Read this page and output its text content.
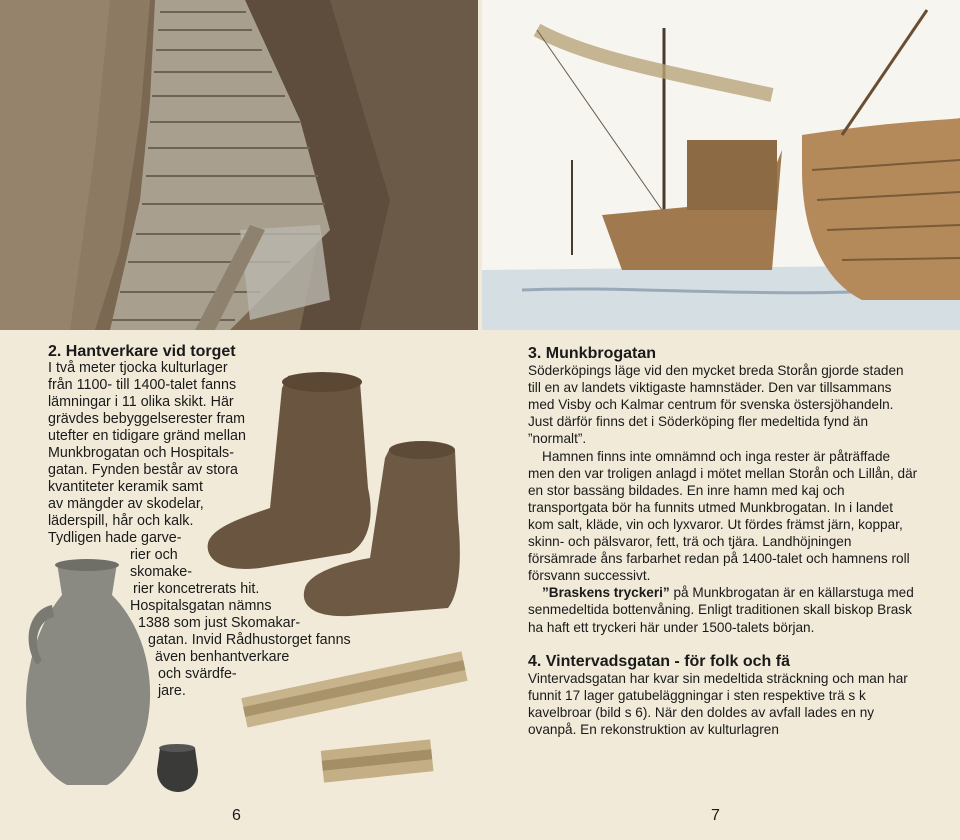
2. Hantverkare vid torget
I två meter tjocka kulturlager
från 1100- till 1400-talet fanns
lämningar i 11 olika skikt. Här
grävdes bebyggelserester fram
utefter en tidigare gränd mellan
Munkbrogatan och Hospitals-
gatan. Fynden består av stora
kvantiteter keramik samt
av mängder av skodelar,
läderspill, hår och kalk.
Tydligen hade garve-
rier och
skomake-
rier koncetrerats hit.
Hospitalsgatan nämns
1388 som just Skomakar-
gatan. Invid Rådhustorget fanns
även benhantverkare
och svärdfe-
jare.
6
3. Munkbrogatan

Söderköpings läge vid den mycket breda Storån gjorde staden till en av landets viktigaste hamnstäder. Den var tillsammans med Visby och Kalmar centrum för svenska östersjöhandeln. Just därför finns det i Söderköping fler medeltida fynd än ”normalt”.

Hamnen finns inte omnämnd och inga rester är påträffade men den var troligen anlagd i mötet mellan Storån och Lillån, där en stor bassäng bildades. En inre hamn med kaj och transportgata bör ha funnits utmed Munkbrogatan. In i landet kom salt, kläde, vin och lyxvaror. Ut fördes främst järn, koppar, skinn- och pälsvaror, fett, trä och tjära. Landhöjningen försämrade åns farbarhet redan på 1400-talet och hamnens roll försvann successivt.

”Braskens tryckeri” på Munkbrogatan är en källarstuga med senmedeltida bottenvåning. Enligt traditionen skall biskop Brask ha haft ett tryckeri här under 1500-talets början.

4. Vintervadsgatan - för folk och fä

Vintervadsgatan har kvar sin medeltida sträckning och man har funnit 17 lager gatubeläggningar i sten respektive trä s k kavelbroar (bild s 6). När den doldes av avfall lades en ny ovanpå. En rekonstruktion av kulturlagren

7
